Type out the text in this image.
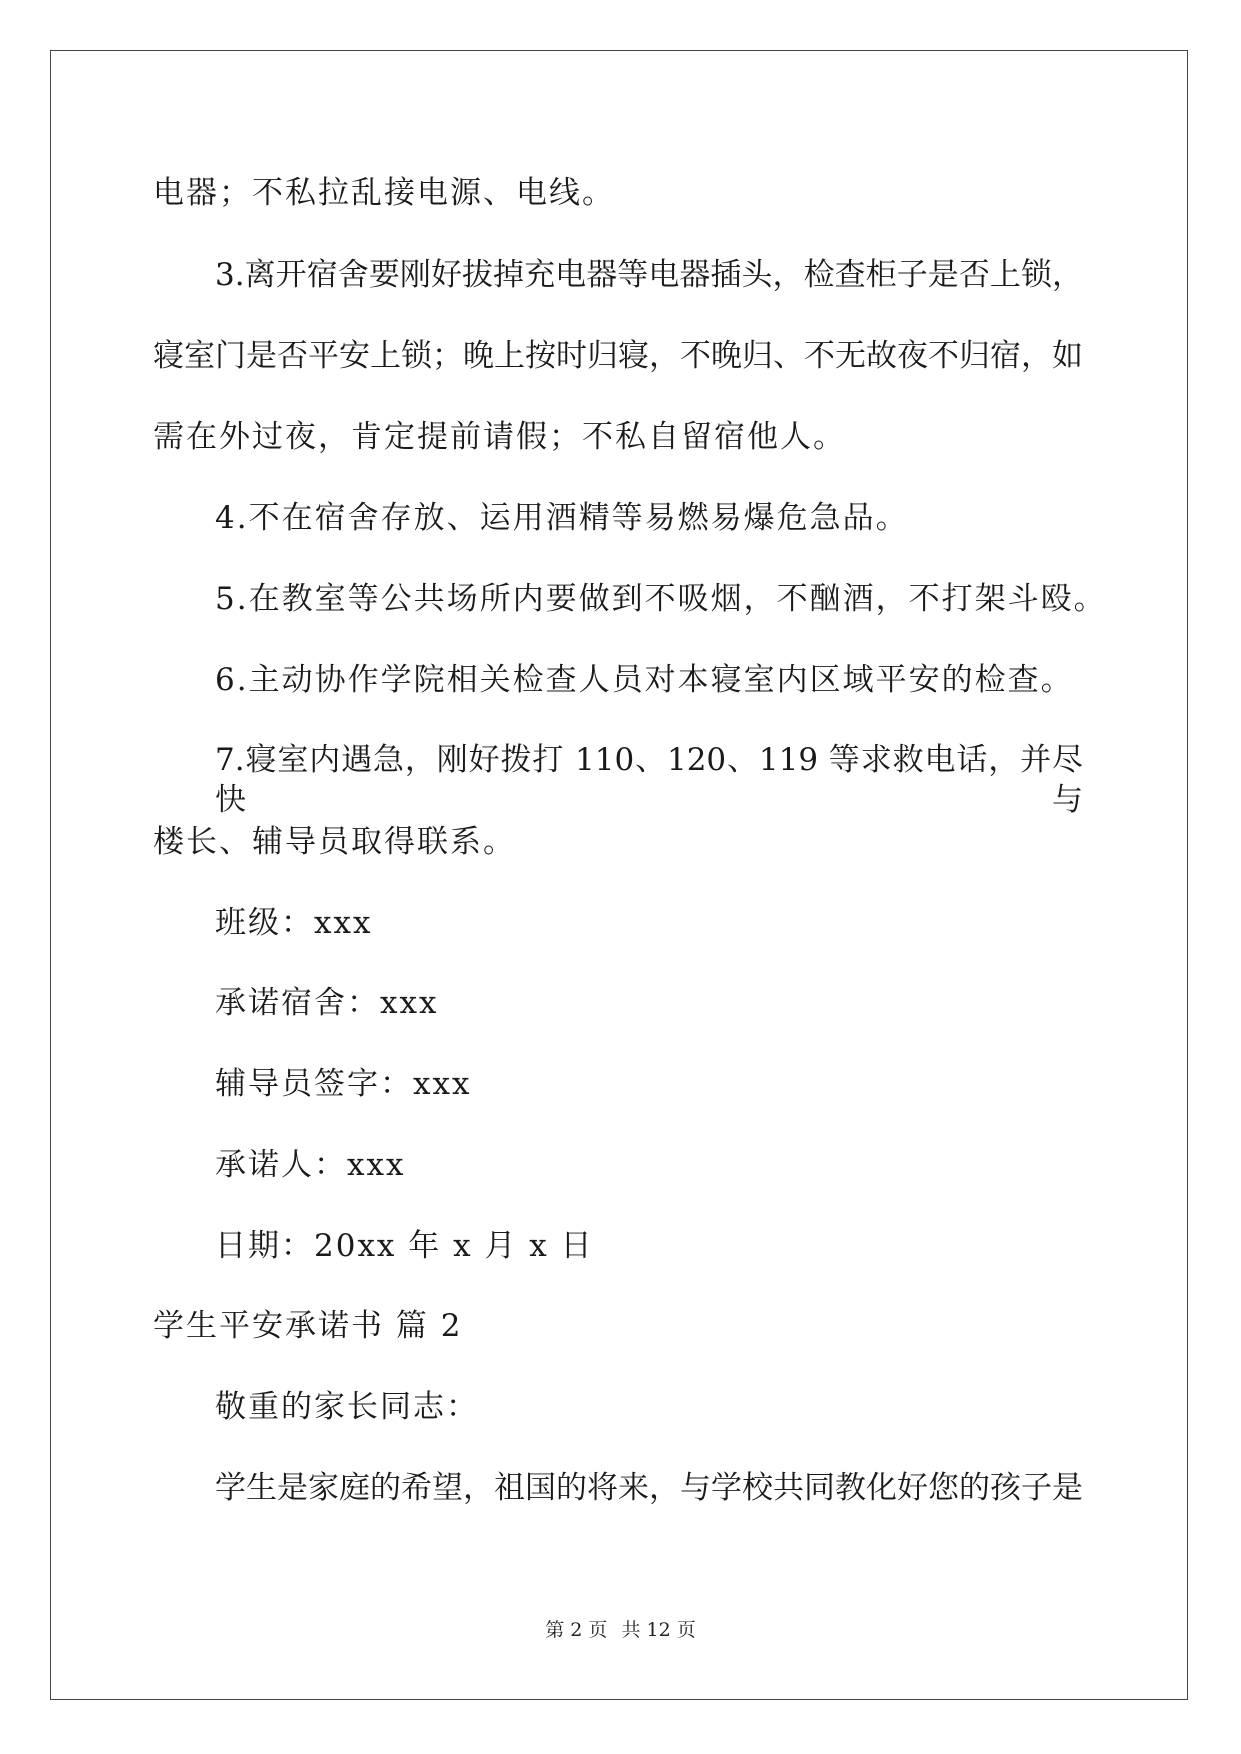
电器；不私拉乱接电源、电线。
3.离开宿舍要刚好拔掉充电器等电器插头，检查柜子是否上锁，
寝室门是否平安上锁；晚上按时归寝，不晚归、不无故夜不归宿，如
需在外过夜，肯定提前请假；不私自留宿他人。
4.不在宿舍存放、运用酒精等易燃易爆危急品。
5.在教室等公共场所内要做到不吸烟，不酗酒，不打架斗殴。
6.主动协作学院相关检查人员对本寝室内区域平安的检查。
7.寝室内遇急，刚好拨打 110、120、119 等求救电话，并尽快与
楼长、辅导员取得联系。
班级：xxx
承诺宿舍：xxx
辅导员签字：xxx
承诺人：xxx
日期：20xx 年 x 月 x 日
学生平安承诺书 篇 2
敬重的家长同志：
学生是家庭的希望，祖国的将来，与学校共同教化好您的孩子是
第 2 页 共 12 页
